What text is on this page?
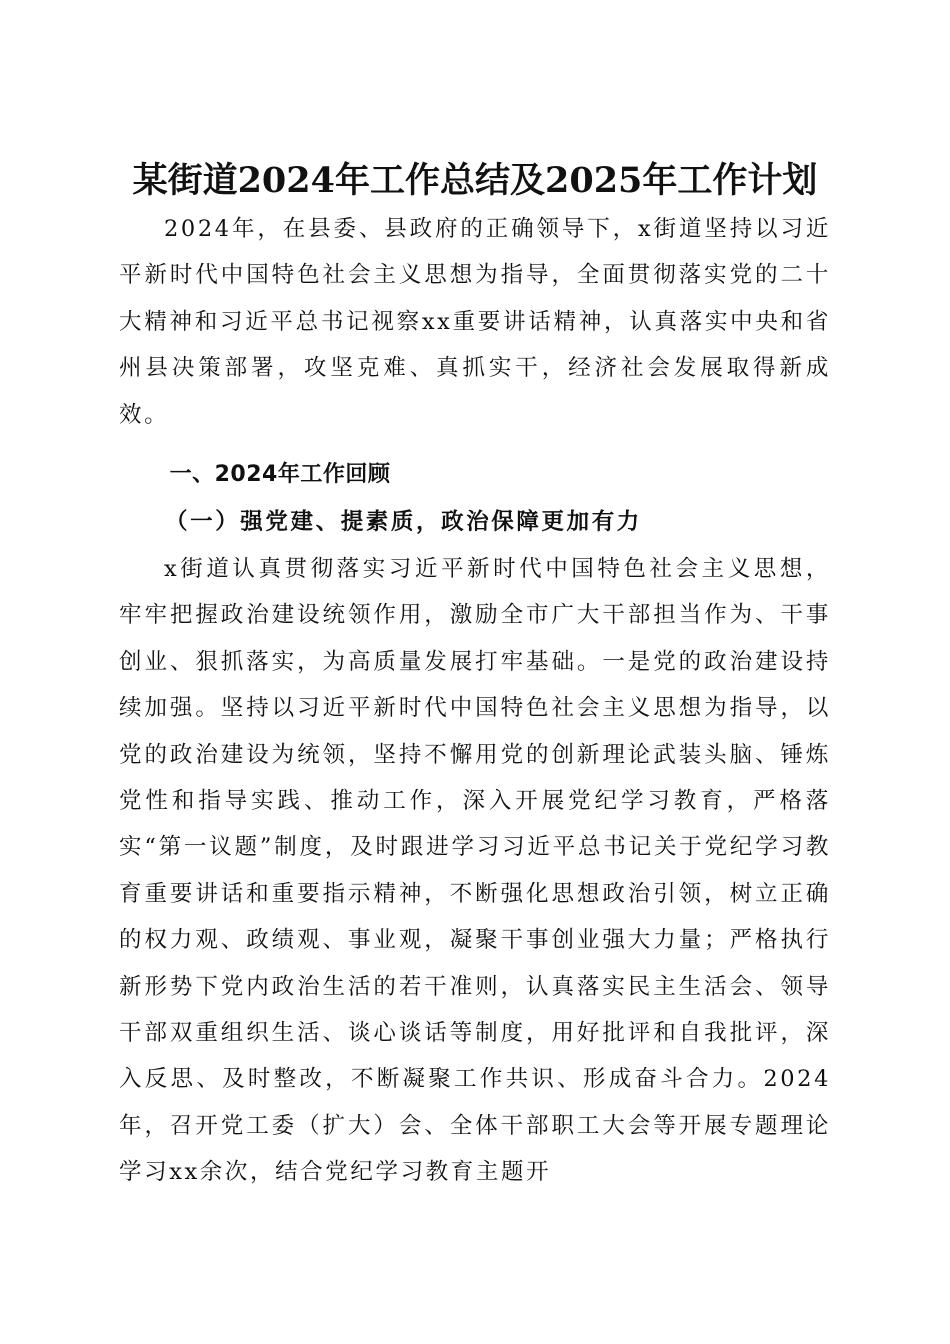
某街道2024年工作总结及2025年工作计划

2024年，在县委、县政府的正确领导下，x街道坚持以习近平新时代中国特色社会主义思想为指导，全面贯彻落实党的二十大精神和习近平总书记视察xx重要讲话精神，认真落实中央和省州县决策部署，攻坚克难、真抓实干，经济社会发展取得新成效。

一、2024年工作回顾
（一）强党建、提素质，政治保障更加有力

x街道认真贯彻落实习近平新时代中国特色社会主义思想，牢牢把握政治建设统领作用，激励全市广大干部担当作为、干事创业、狠抓落实，为高质量发展打牢基础。一是党的政治建设持续加强。坚持以习近平新时代中国特色社会主义思想为指导，以党的政治建设为统领，坚持不懈用党的创新理论武装头脑、锤炼党性和指导实践、推动工作，深入开展党纪学习教育，严格落实“第一议题”制度，及时跟进学习习近平总书记关于党纪学习教育重要讲话和重要指示精神，不断强化思想政治引领，树立正确的权力观、政绩观、事业观，凝聚干事创业强大力量；严格执行新形势下党内政治生活的若干准则，认真落实民主生活会、领导干部双重组织生活、谈心谈话等制度，用好批评和自我批评，深入反思、及时整改，不断凝聚工作共识、形成奋斗合力。2024年，召开党工委（扩大）会、全体干部职工大会等开展专题理论学习xx余次，结合党纪学习教育主题开
